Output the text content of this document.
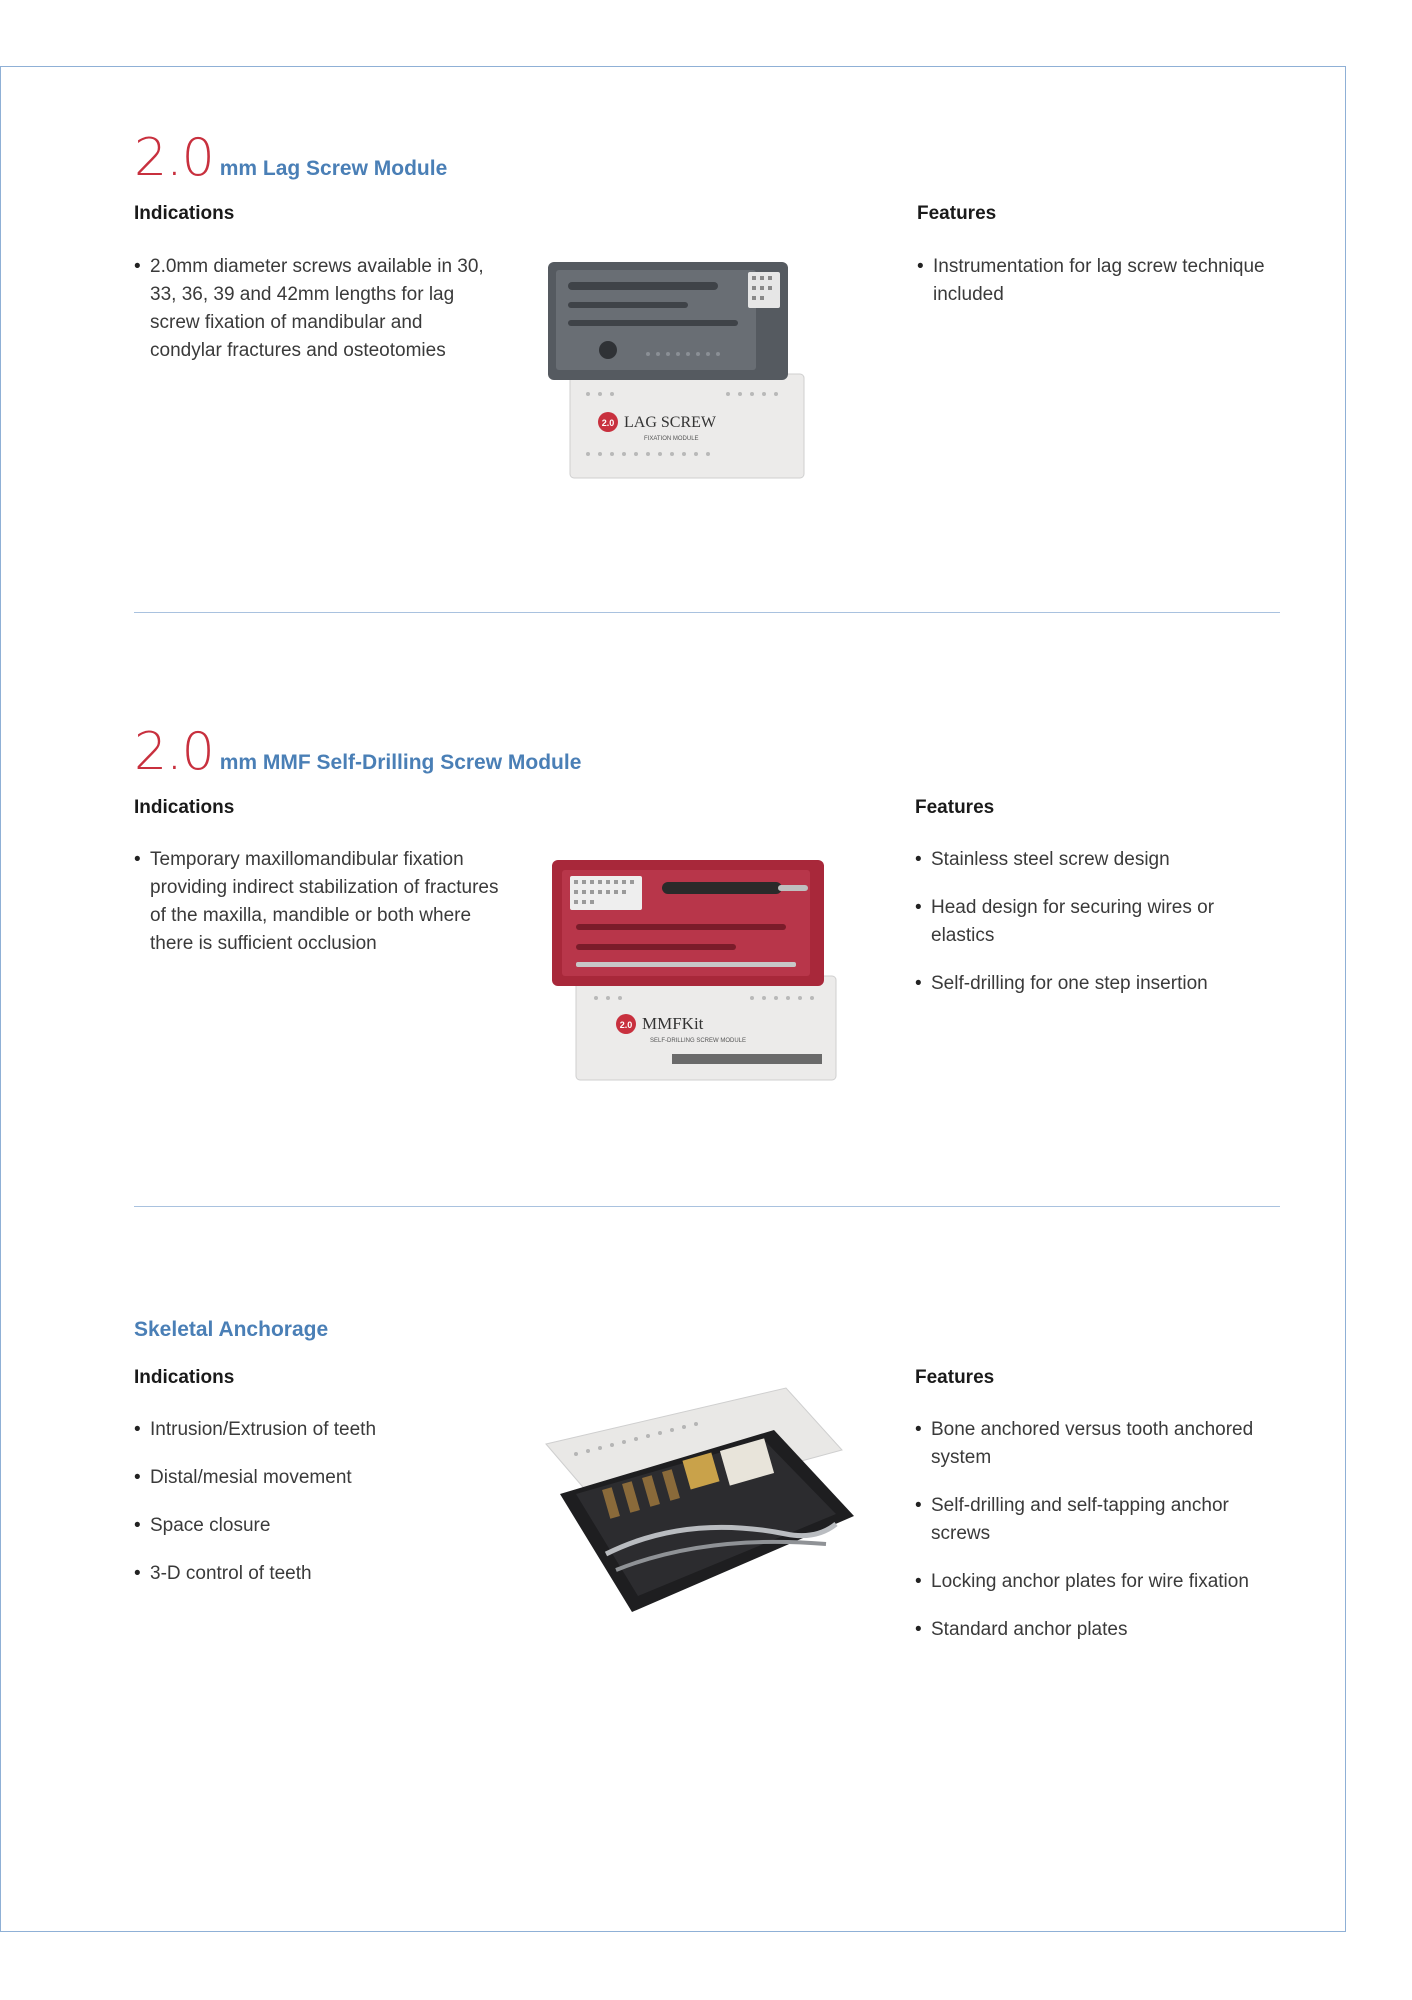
2.0 mm Lag Screw Module
Indications	Features
• 2.0mm diameter screws available in 30, 33, 36, 39 and 42mm lengths for lag screw fixation of mandibular and condylar fractures and osteotomies
• Instrumentation for lag screw technique included
2.0 LAG SCREW
FIXATION MODULE
2.0 mm MMF Self-Drilling Screw Module
Indications	Features
• Temporary maxillomandibular fixation providing indirect stabilization of fractures of the maxilla, mandible or both where there is sufficient occlusion
• Stainless steel screw design
• Head design for securing wires or elastics
• Self-drilling for one step insertion
2.0 MMFKit
SELF-DRILLING SCREW MODULE
Skeletal Anchorage
Indications	Features
• Intrusion/Extrusion of teeth
• Distal/mesial movement
• Space closure
• 3-D control of teeth
• Bone anchored versus tooth anchored system
• Self-drilling and self-tapping anchor screws
• Locking anchor plates for wire fixation
• Standard anchor plates
